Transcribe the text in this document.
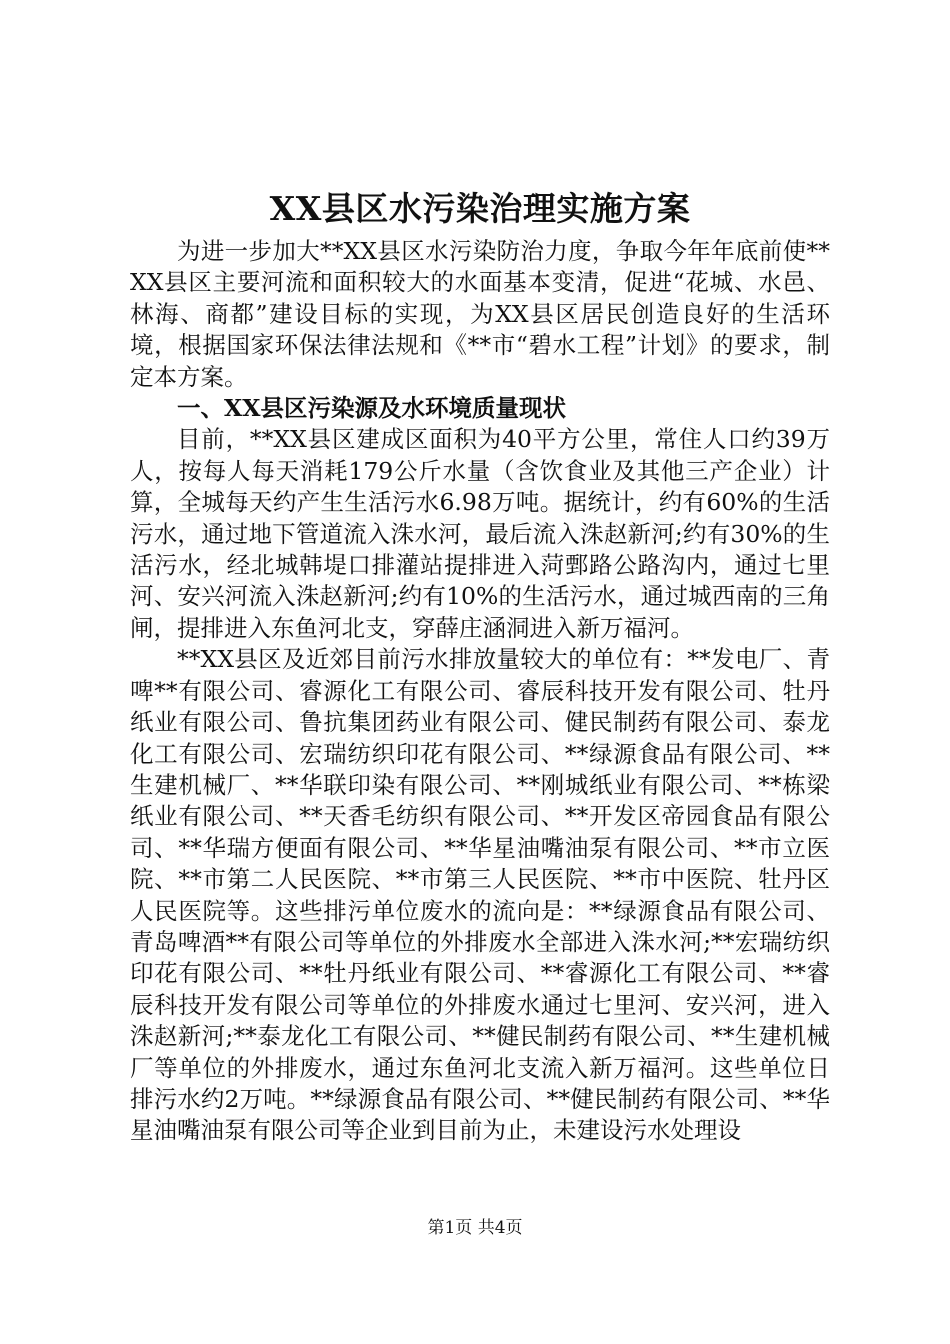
XX县区水污染治理实施方案

为进一步加大**XX县区水污染防治力度，争取今年年底前使**XX县区主要河流和面积较大的水面基本变清，促进“花城、水邑、林海、商都”建设目标的实现，为XX县区居民创造良好的生活环境，根据国家环保法律法规和《**市“碧水工程”计划》的要求，制定本方案。

一、XX县区污染源及水环境质量现状

目前，**XX县区建成区面积为40平方公里，常住人口约39万人，按每人每天消耗179公斤水量（含饮食业及其他三产企业）计算，全城每天约产生生活污水6.98万吨。据统计，约有60%的生活污水，通过地下管道流入洙水河，最后流入洙赵新河;约有30%的生活污水，经北城韩堤口排灌站提排进入菏鄄路公路沟内，通过七里河、安兴河流入洙赵新河;约有10%的生活污水，通过城西南的三角闸，提排进入东鱼河北支，穿薛庄涵洞进入新万福河。

**XX县区及近郊目前污水排放量较大的单位有：**发电厂、青啤**有限公司、睿源化工有限公司、睿辰科技开发有限公司、牡丹纸业有限公司、鲁抗集团药业有限公司、健民制药有限公司、泰龙化工有限公司、宏瑞纺织印花有限公司、**绿源食品有限公司、**生建机械厂、**华联印染有限公司、**刚城纸业有限公司、**栋梁纸业有限公司、**天香毛纺织有限公司、**开发区帝园食品有限公司、**华瑞方便面有限公司、**华星油嘴油泵有限公司、**市立医院、**市第二人民医院、**市第三人民医院、**市中医院、牡丹区人民医院等。这些排污单位废水的流向是：**绿源食品有限公司、青岛啤酒**有限公司等单位的外排废水全部进入洙水河;**宏瑞纺织印花有限公司、**牡丹纸业有限公司、**睿源化工有限公司、**睿辰科技开发有限公司等单位的外排废水通过七里河、安兴河，进入洙赵新河;**泰龙化工有限公司、**健民制药有限公司、**生建机械厂等单位的外排废水，通过东鱼河北支流入新万福河。这些单位日排污水约2万吨。**绿源食品有限公司、**健民制药有限公司、**华星油嘴油泵有限公司等企业到目前为止，未建设污水处理设

第1页 共4页
